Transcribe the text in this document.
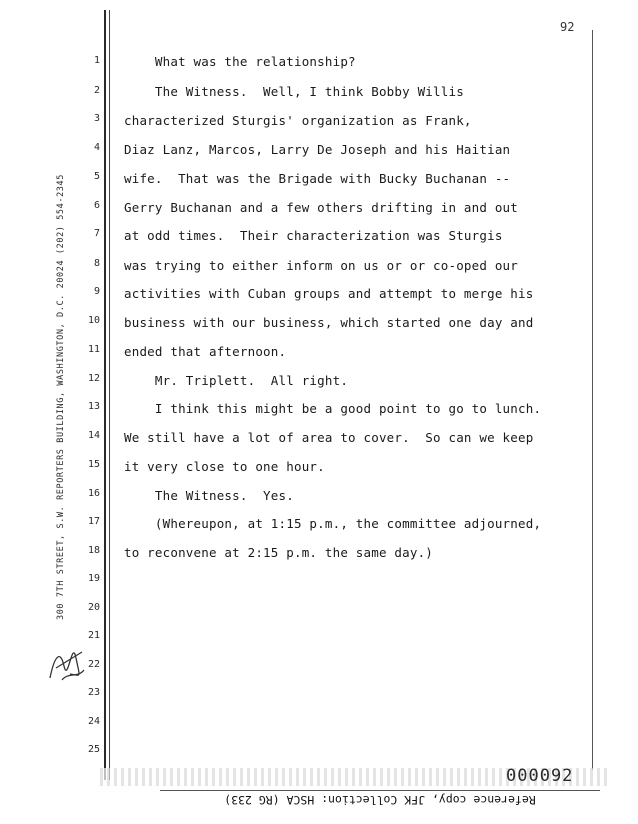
92
300 7TH STREET, S.W. REPORTERS BUILDING, WASHINGTON, D.C. 20024 (202) 554-2345
1
2
3
4
5
6
7
8
9
10
11
12
13
14
15
16
17
18
19
20
21
22
23
24
25
What was the relationship?
The Witness.  Well, I think Bobby Willis
characterized Sturgis' organization as Frank,
Diaz Lanz, Marcos, Larry De Joseph and his Haitian
wife.  That was the Brigade with Bucky Buchanan --
Gerry Buchanan and a few others drifting in and out
at odd times.  Their characterization was Sturgis
was trying to either inform on us or or co-oped our
activities with Cuban groups and attempt to merge his
business with our business, which started one day and
ended that afternoon.
Mr. Triplett.  All right.
I think this might be a good point to go to lunch.
We still have a lot of area to cover.  So can we keep
it very close to one hour.
The Witness.  Yes.
(Whereupon, at 1:15 p.m., the committee adjourned,
to reconvene at 2:15 p.m. the same day.)
000092
Reference copy, JFK Collection: HSCA (RG 233)
